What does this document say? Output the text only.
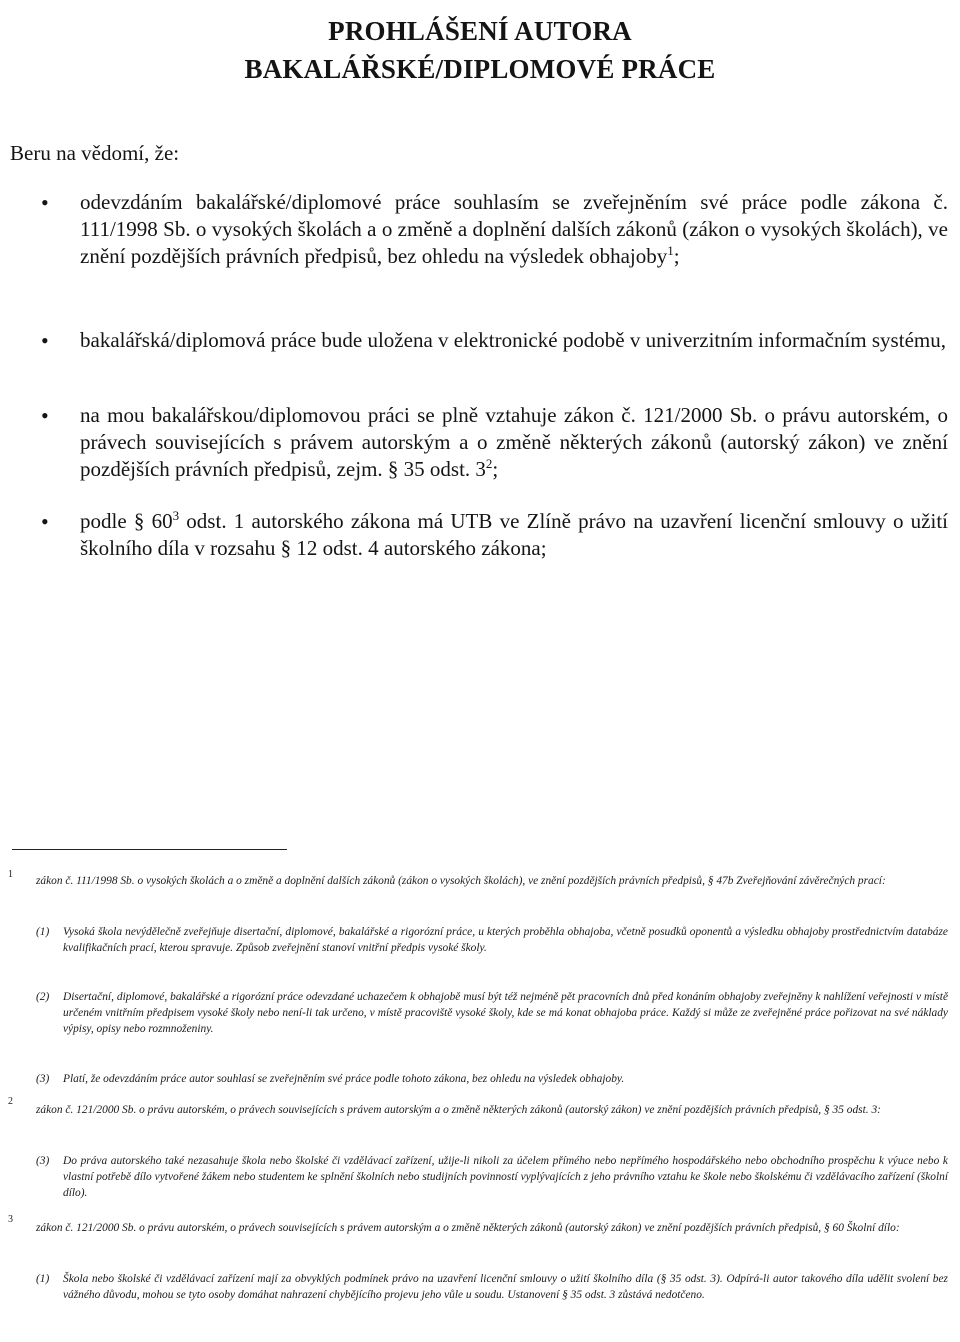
PROHLÁŠENÍ AUTORA
BAKALÁŘSKÉ/DIPLOMOVÉ PRÁCE
Beru na vědomí, že:
• odevzdáním bakalářské/diplomové práce souhlasím se zveřejněním své práce podle zákona č. 111/1998 Sb. o vysokých školách a o změně a doplnění dalších zákonů (zákon o vysokých školách), ve znění pozdějších právních předpisů, bez ohledu na výsledek obhajoby$^1$;
• bakalářská/diplomová práce bude uložena v elektronické podobě v univerzitním informačním systému,
• na mou bakalářskou/diplomovou práci se plně vztahuje zákon č. 121/2000 Sb. o právu autorském, o právech souvisejících s právem autorským a o změně některých zákonů (autorský zákon) ve znění pozdějších právních předpisů, zejm. § 35 odst. $3^2$;
• podle § $60^3$ odst. 1 autorského zákona má UTB ve Zlíně právo na uzavření licenční smlouvy o užití školního díla v rozsahu § 12 odst. 4 autorského zákona;
1
zákon č. 111/1998 Sb. o vysokých školách a o změně a doplnění dalších zákonů (zákon o vysokých školách), ve znění pozdějších právních předpisů, § 47b Zveřejňování závěrečných prací:
(1) Vysoká škola nevýdělečně zveřejňuje disertační, diplomové, bakalářské a rigorózní práce, u kterých proběhla obhajoba, včetně posudků oponentů a výsledku obhajoby prostřednictvím databáze kvalifikačních prací, kterou spravuje. Způsob zveřejnění stanoví vnitřní předpis vysoké školy.
(2) Disertační, diplomové, bakalářské a rigorózní práce odevzdané uchazečem k obhajobě musí být též nejméně pět pracovních dnů před konáním obhajoby zveřejněny k nahlížení veřejnosti v místě určeném vnitřním předpisem vysoké školy nebo není-li tak určeno, v místě pracoviště vysoké školy, kde se má konat obhajoba práce. Každý si může ze zveřejněné práce pořizovat na své náklady výpisy, opisy nebo rozmnoženiny.
(3) Platí, že odevzdáním práce autor souhlasí se zveřejněním své práce podle tohoto zákona, bez ohledu na výsledek obhajoby.
2
zákon č. 121/2000 Sb. o právu autorském, o právech souvisejících s právem autorským a o změně některých zákonů (autorský zákon) ve znění pozdějších právních předpisů, § 35 odst. 3:
(3) Do práva autorského také nezasahuje škola nebo školské či vzdělávací zařízení, užije-li nikoli za účelem přímého nebo nepřímého hospodářského nebo obchodního prospěchu k výuce nebo k vlastní potřebě dílo vytvořené žákem nebo studentem ke splnění školních nebo studijních povinností vyplývajících z jeho právního vztahu ke škole nebo školskému či vzdělávacího zařízení (školní dílo).
3
zákon č. 121/2000 Sb. o právu autorském, o právech souvisejících s právem autorským a o změně některých zákonů (autorský zákon) ve znění pozdějších právních předpisů, § 60 Školní dílo:
(1) Škola nebo školské či vzdělávací zařízení mají za obvyklých podmínek právo na uzavření licenční smlouvy o užití školního díla (§ 35 odst. 3). Odpírá-li autor takového díla udělit svolení bez vážného důvodu, mohou se tyto osoby domáhat nahrazení chybějícího projevu jeho vůle u soudu. Ustanovení § 35 odst. 3 zůstává nedotčeno.
